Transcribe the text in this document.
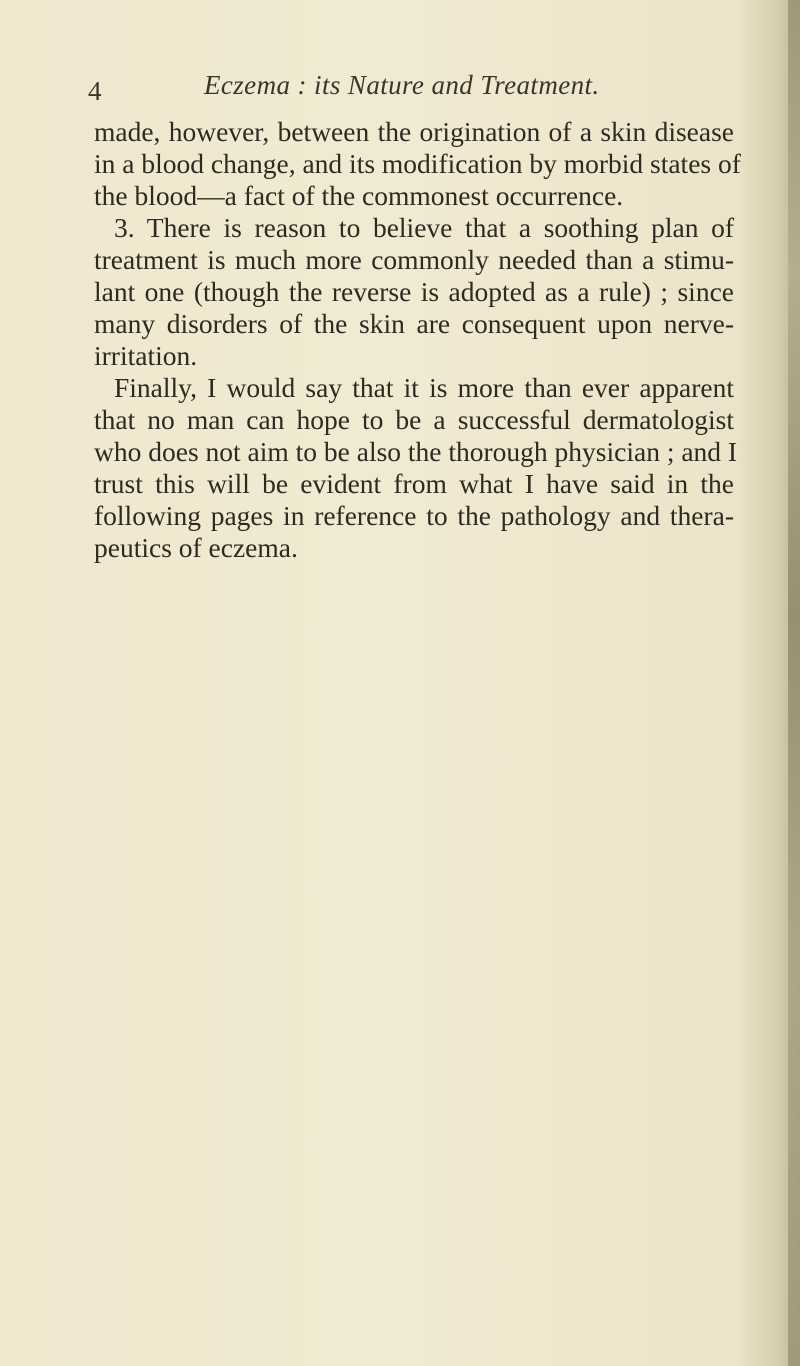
4	Eczema : its Nature and Treatment.
made, however, between the origination of a skin disease
in a blood change, and its modification by morbid states of
the blood—a fact of the commonest occurrence.
3. There is reason to believe that a soothing plan of
treatment is much more commonly needed than a stimu-
lant one (though the reverse is adopted as a rule) ; since
many disorders of the skin are consequent upon nerve-
irritation.
Finally, I would say that it is more than ever apparent
that no man can hope to be a successful dermatologist
who does not aim to be also the thorough physician ; and I
trust this will be evident from what I have said in the
following pages in reference to the pathology and thera-
peutics of eczema.
